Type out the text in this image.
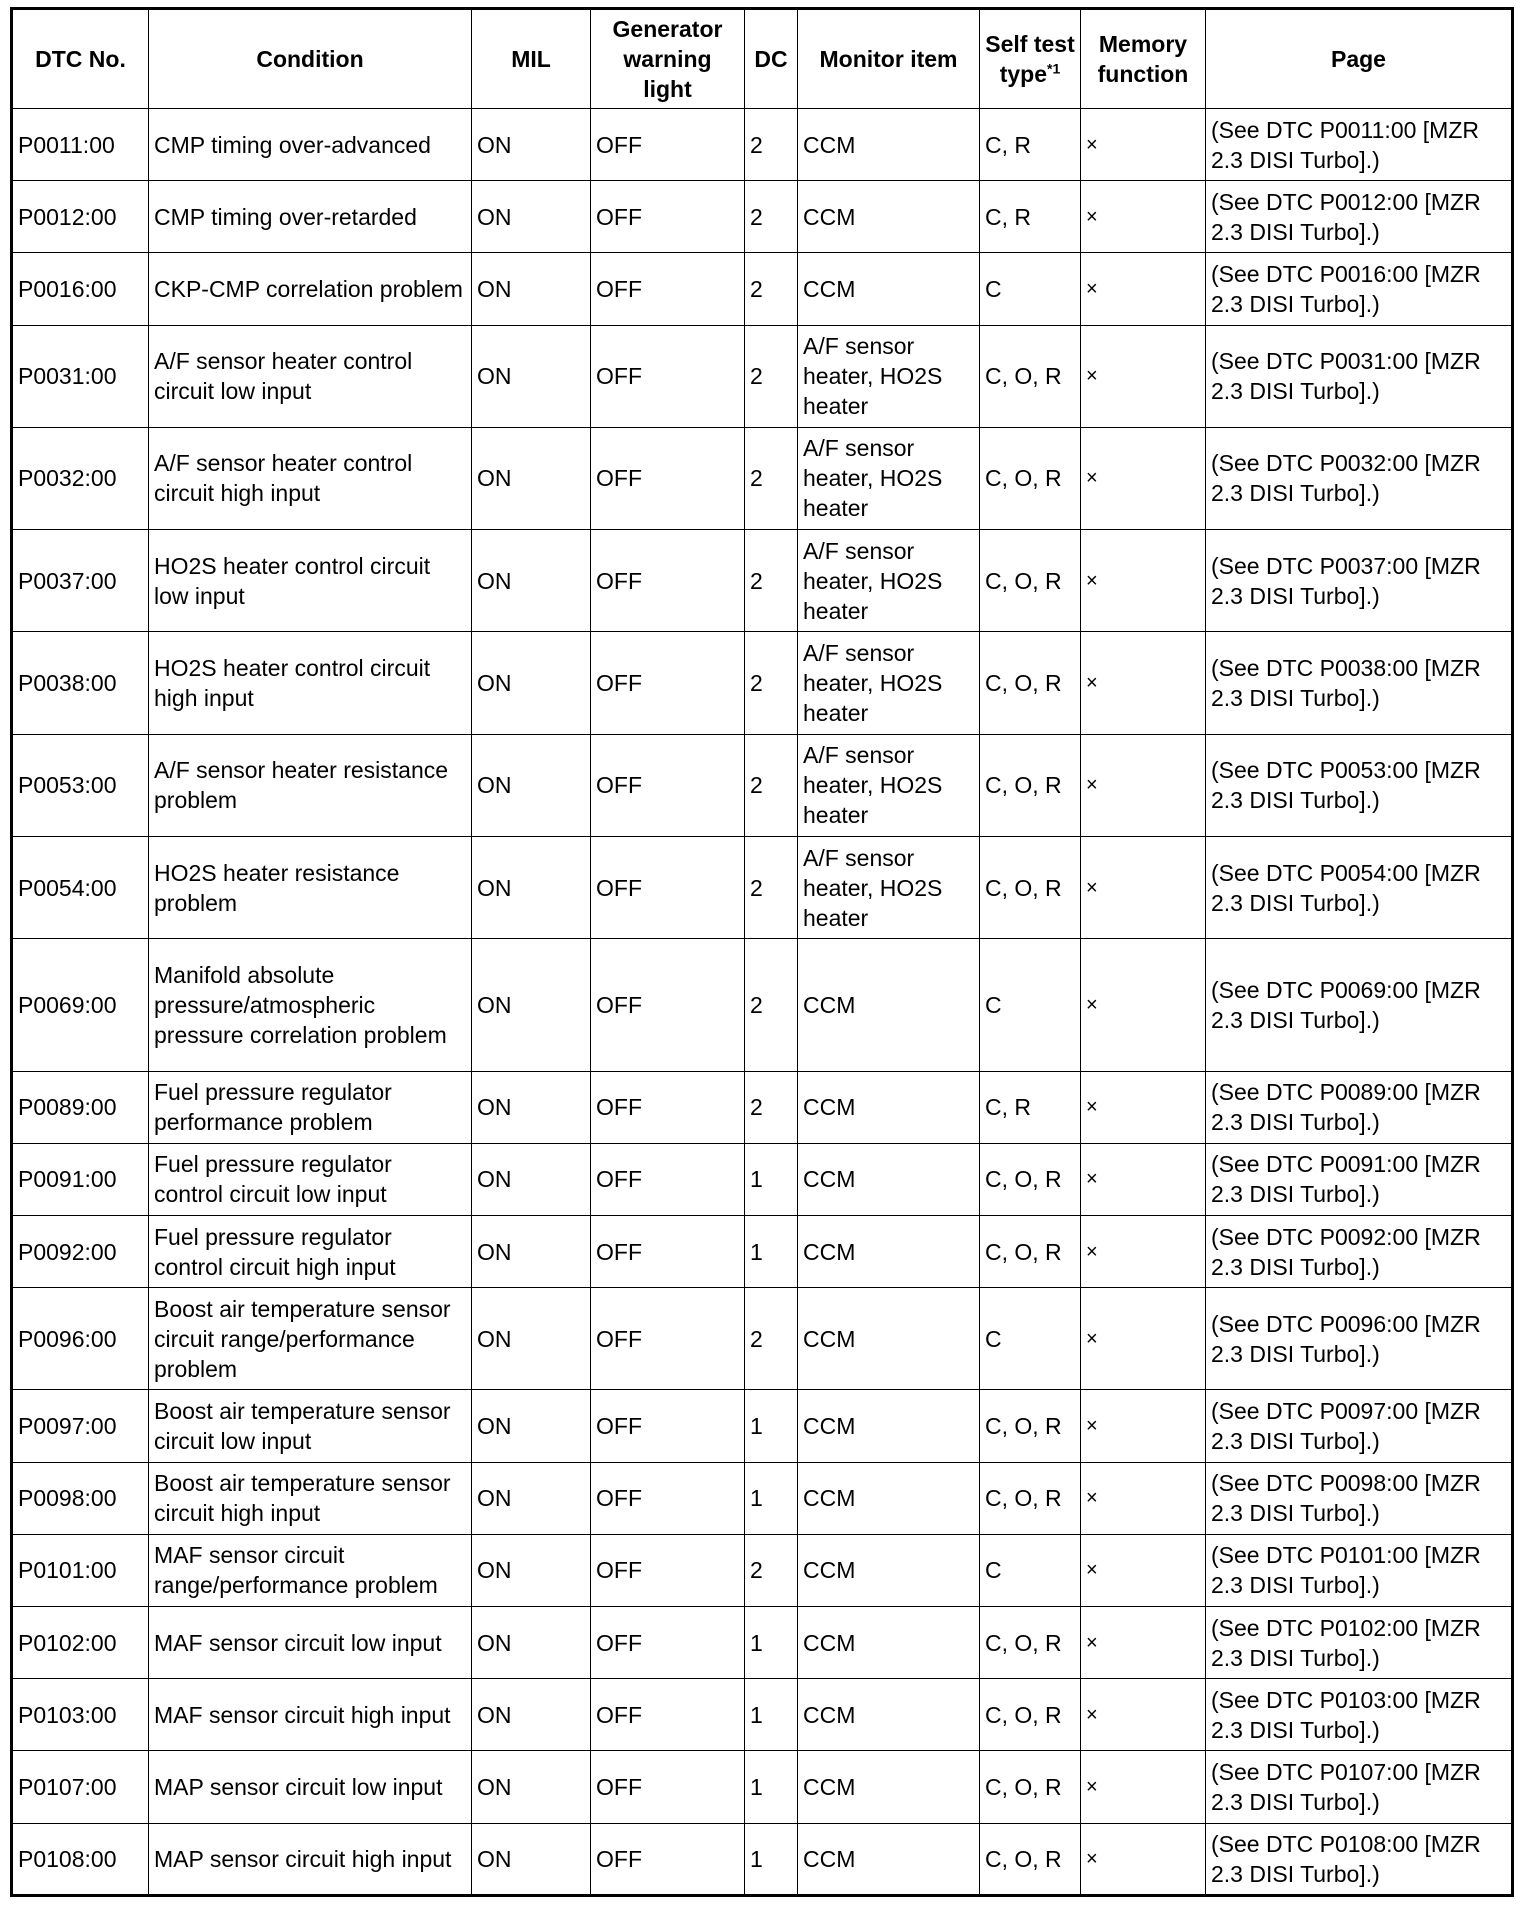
DTC No.	Condition	MIL	Generator warning light	DC	Monitor item	Self test type$^{*1}$	Memory function	Page
P0011:00	CMP timing over-advanced	ON	OFF	2	CCM	C, R	×	(See DTC P0011:00 [MZR 2.3 DISI Turbo].)
P0012:00	CMP timing over-retarded	ON	OFF	2	CCM	C, R	×	(See DTC P0012:00 [MZR 2.3 DISI Turbo].)
P0016:00	CKP-CMP correlation problem	ON	OFF	2	CCM	C	×	(See DTC P0016:00 [MZR 2.3 DISI Turbo].)
P0031:00	A/F sensor heater control circuit low input	ON	OFF	2	A/F sensor heater, HO2S heater	C, O, R	×	(See DTC P0031:00 [MZR 2.3 DISI Turbo].)
P0032:00	A/F sensor heater control circuit high input	ON	OFF	2	A/F sensor heater, HO2S heater	C, O, R	×	(See DTC P0032:00 [MZR 2.3 DISI Turbo].)
P0037:00	HO2S heater control circuit low input	ON	OFF	2	A/F sensor heater, HO2S heater	C, O, R	×	(See DTC P0037:00 [MZR 2.3 DISI Turbo].)
P0038:00	HO2S heater control circuit high input	ON	OFF	2	A/F sensor heater, HO2S heater	C, O, R	×	(See DTC P0038:00 [MZR 2.3 DISI Turbo].)
P0053:00	A/F sensor heater resistance problem	ON	OFF	2	A/F sensor heater, HO2S heater	C, O, R	×	(See DTC P0053:00 [MZR 2.3 DISI Turbo].)
P0054:00	HO2S heater resistance problem	ON	OFF	2	A/F sensor heater, HO2S heater	C, O, R	×	(See DTC P0054:00 [MZR 2.3 DISI Turbo].)
P0069:00	Manifold absolute pressure/atmospheric pressure correlation problem	ON	OFF	2	CCM	C	×	(See DTC P0069:00 [MZR 2.3 DISI Turbo].)
P0089:00	Fuel pressure regulator performance problem	ON	OFF	2	CCM	C, R	×	(See DTC P0089:00 [MZR 2.3 DISI Turbo].)
P0091:00	Fuel pressure regulator control circuit low input	ON	OFF	1	CCM	C, O, R	×	(See DTC P0091:00 [MZR 2.3 DISI Turbo].)
P0092:00	Fuel pressure regulator control circuit high input	ON	OFF	1	CCM	C, O, R	×	(See DTC P0092:00 [MZR 2.3 DISI Turbo].)
P0096:00	Boost air temperature sensor circuit range/performance problem	ON	OFF	2	CCM	C	×	(See DTC P0096:00 [MZR 2.3 DISI Turbo].)
P0097:00	Boost air temperature sensor circuit low input	ON	OFF	1	CCM	C, O, R	×	(See DTC P0097:00 [MZR 2.3 DISI Turbo].)
P0098:00	Boost air temperature sensor circuit high input	ON	OFF	1	CCM	C, O, R	×	(See DTC P0098:00 [MZR 2.3 DISI Turbo].)
P0101:00	MAF sensor circuit range/performance problem	ON	OFF	2	CCM	C	×	(See DTC P0101:00 [MZR 2.3 DISI Turbo].)
P0102:00	MAF sensor circuit low input	ON	OFF	1	CCM	C, O, R	×	(See DTC P0102:00 [MZR 2.3 DISI Turbo].)
P0103:00	MAF sensor circuit high input	ON	OFF	1	CCM	C, O, R	×	(See DTC P0103:00 [MZR 2.3 DISI Turbo].)
P0107:00	MAP sensor circuit low input	ON	OFF	1	CCM	C, O, R	×	(See DTC P0107:00 [MZR 2.3 DISI Turbo].)
P0108:00	MAP sensor circuit high input	ON	OFF	1	CCM	C, O, R	×	(See DTC P0108:00 [MZR 2.3 DISI Turbo].)
